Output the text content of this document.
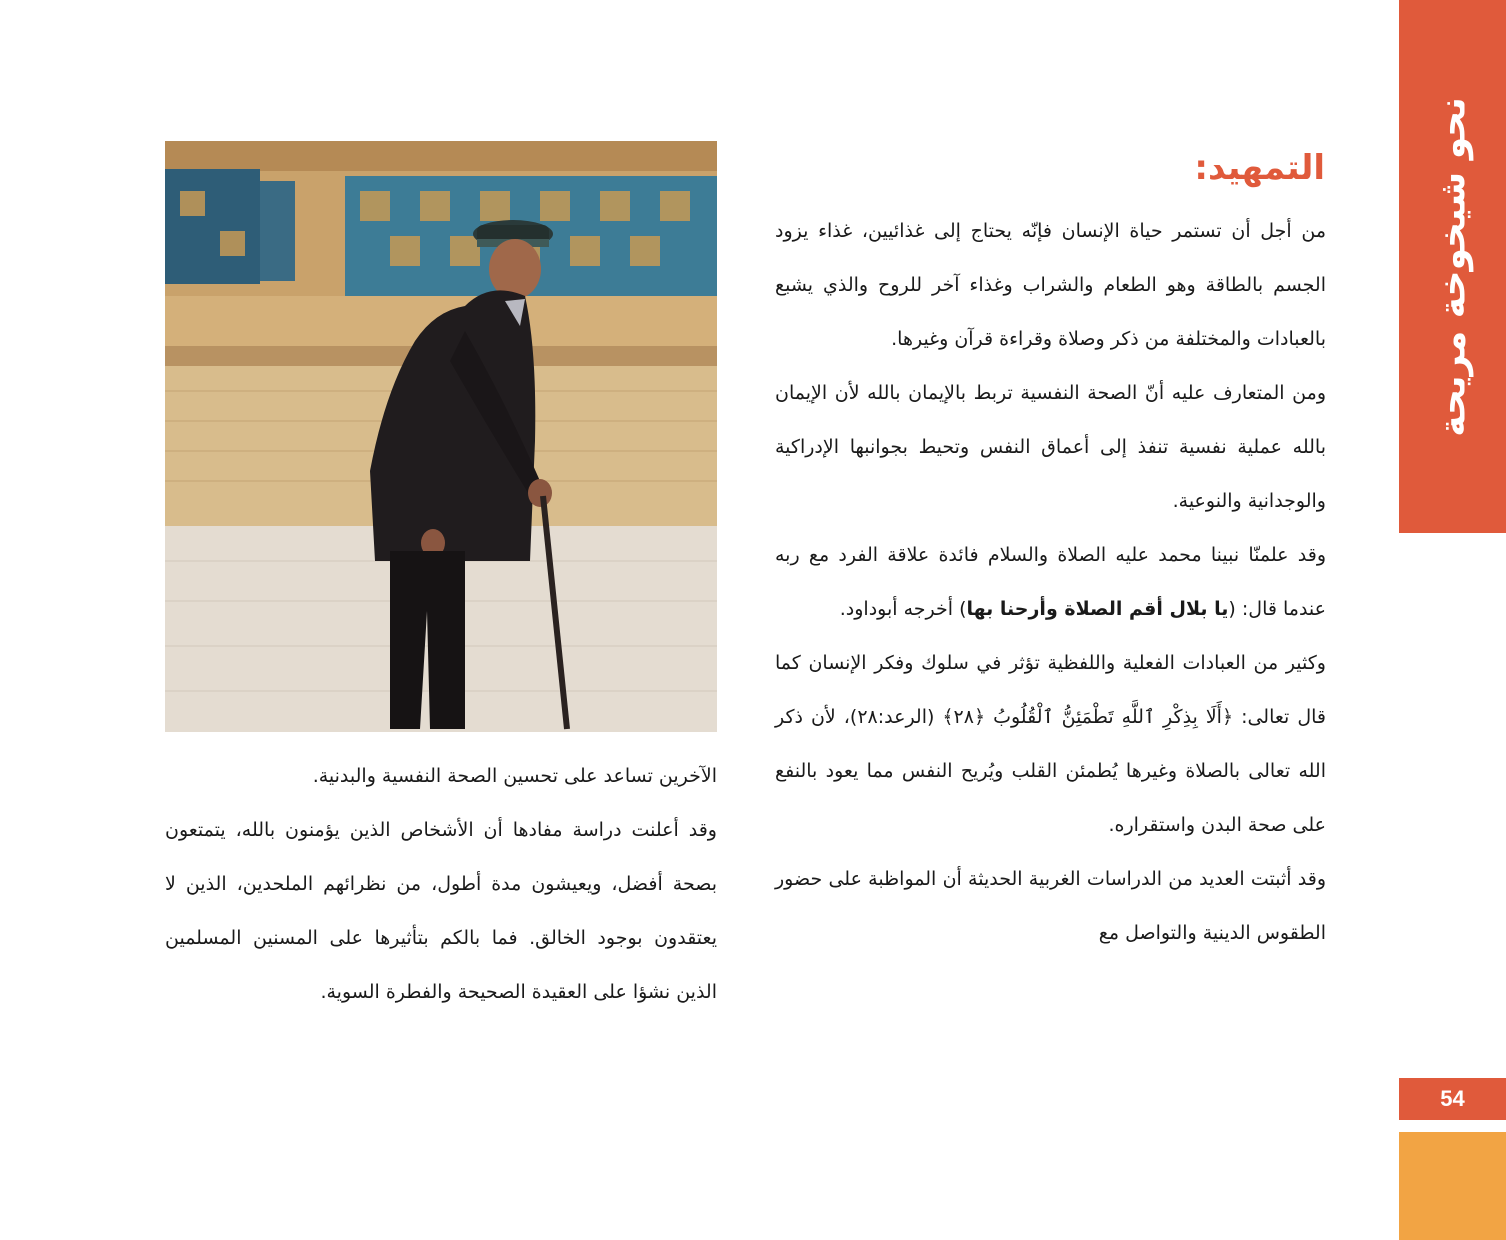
نحو شيخوخة مريحة
54
التمهيد:

من أجل أن تستمر حياة الإنسان فإنّه يحتاج إلى غذائيين، غذاء يزود الجسم بالطاقة وهو الطعام والشراب وغذاء آخر للروح والذي يشبع بالعبادات والمختلفة من ذكر وصلاة وقراءة قرآن وغيرها.

ومن المتعارف عليه أنّ الصحة النفسية تربط بالإيمان بالله لأن الإيمان بالله عملية نفسية تنفذ إلى أعماق النفس وتحيط بجوانبها الإدراكية والوجدانية والنوعية.

وقد علمنّا نبينا محمد عليه الصلاة والسلام فائدة علاقة الفرد مع ربه عندما قال: (يا بلال أقم الصلاة وأرحنا بها) أخرجه أبوداود.

وكثير من العبادات الفعلية واللفظية تؤثر في سلوك وفكر الإنسان كما قال تعالى: ﴿أَلَا بِذِكْرِ ٱللَّهِ تَطْمَئِنُّ ٱلْقُلُوبُ ﴿٢٨﴾ (الرعد:٢٨)، لأن ذكر الله تعالى بالصلاة وغيرها يُطمئن القلب ويُريح النفس مما يعود بالنفع على صحة البدن واستقراره.

وقد أثبتت العديد من الدراسات الغربية الحديثة أن المواظبة على حضور الطقوس الدينية والتواصل مع

الآخرين تساعد على تحسين الصحة النفسية والبدنية.

وقد أعلنت دراسة مفادها أن الأشخاص الذين يؤمنون بالله، يتمتعون بصحة أفضل، ويعيشون مدة أطول، من نظرائهم الملحدين، الذين لا يعتقدون بوجود الخالق. فما بالكم بتأثيرها على المسنين المسلمين الذين نشؤا على العقيدة الصحيحة والفطرة السوية.
